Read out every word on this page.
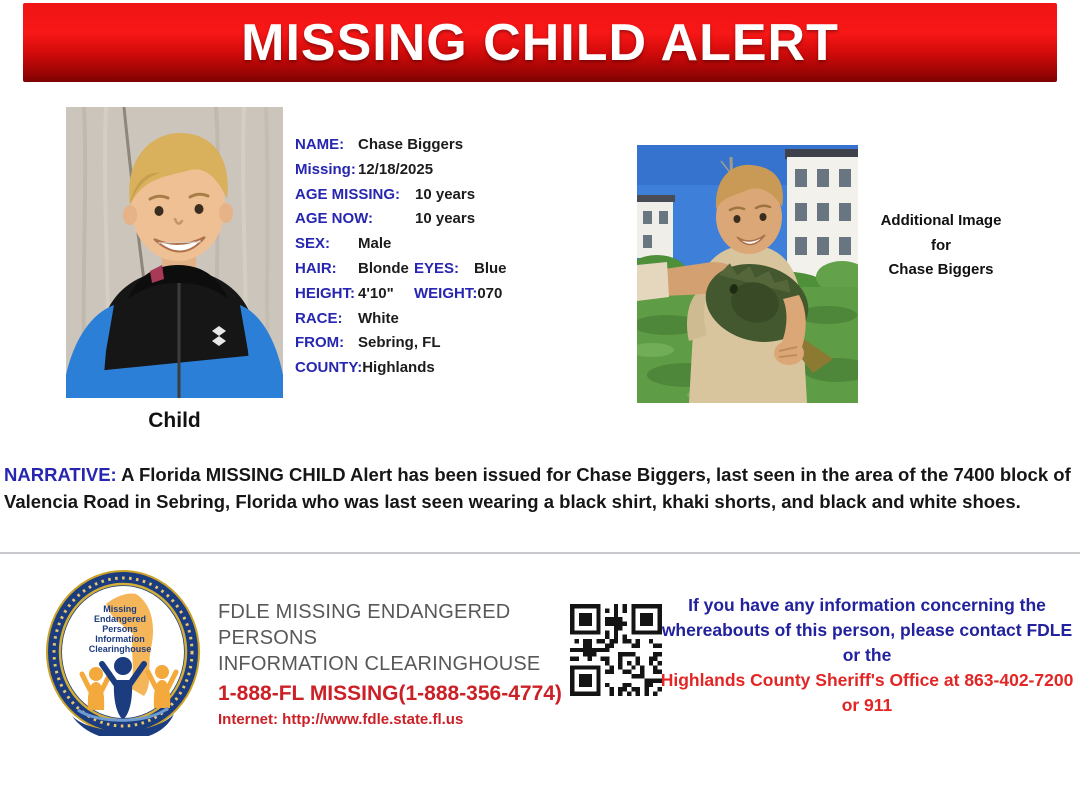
MISSING CHILD ALERT
Child
NAME: Chase Biggers
Missing: 12/18/2025
AGE MISSING: 10 years
AGE NOW:	10 years
SEX:	Male
HAIR:	Blonde EYES: Blue
HEIGHT: 4'10"	WEIGHT: 070
RACE:	White
FROM: Sebring, FL
COUNTY: Highlands
Additional Image
for
Chase Biggers
NARRATIVE: A Florida MISSING CHILD Alert has been issued for Chase Biggers, last seen in the area of the 7400 block of Valencia Road in Sebring, Florida who was last seen wearing a black shirt, khaki shorts, and black and white shoes.
Missing
Endangered
Persons
Information
Clearinghouse
FDLE MISSING ENDANGERED PERSONS
INFORMATION CLEARINGHOUSE
1-888-FL MISSING(1-888-356-4774)
Internet: http://www.fdle.state.fl.us
If you have any information concerning the
whereabouts of this person, please contact FDLE
or the
Highlands County Sheriff's Office at 863-402-7200
or 911
